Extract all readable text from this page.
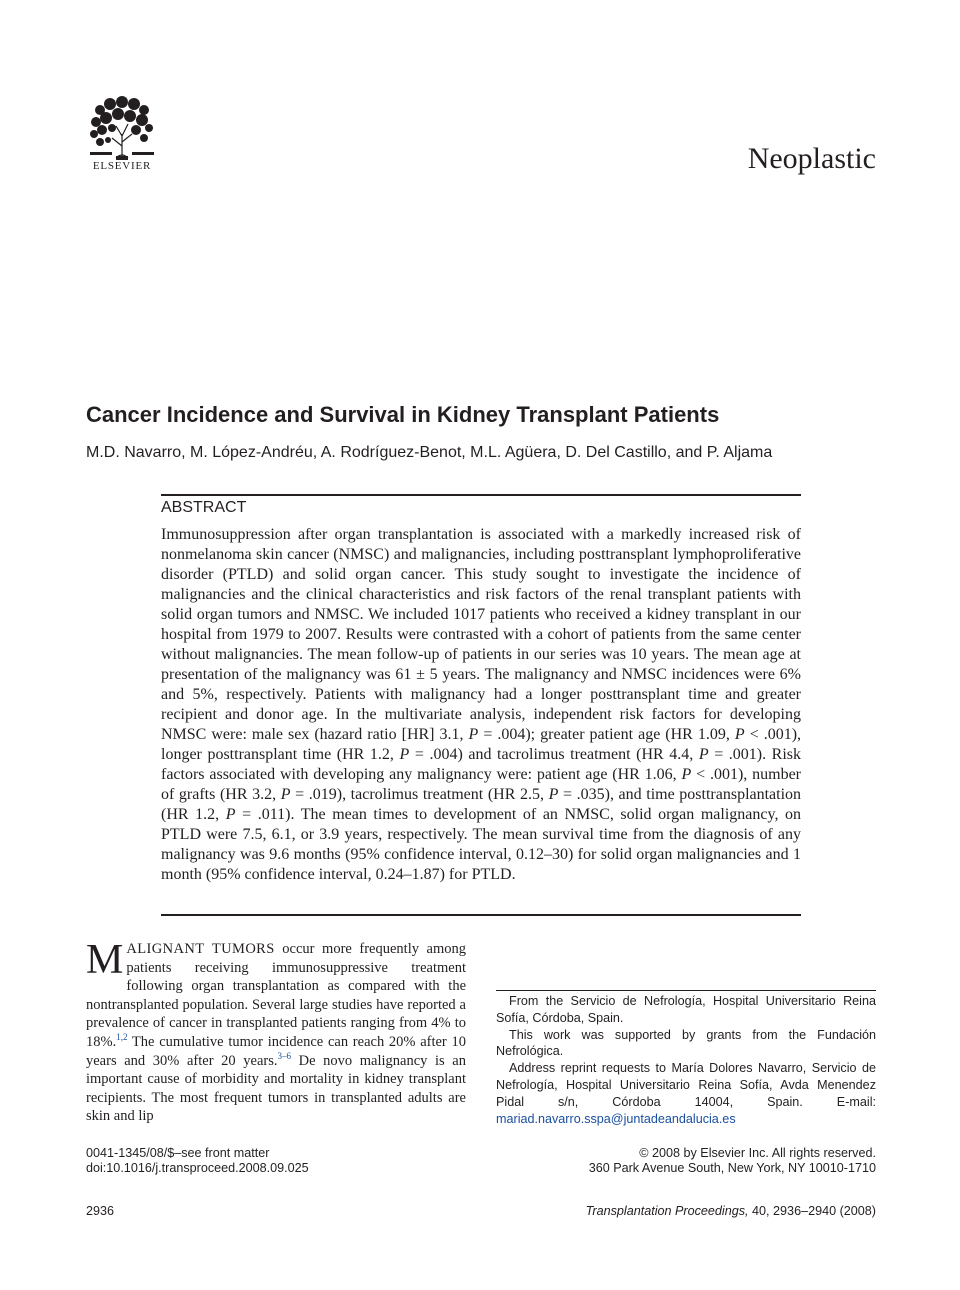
ELSEVIER	Neoplastic
Cancer Incidence and Survival in Kidney Transplant Patients
M.D. Navarro, M. López-Andréu, A. Rodríguez-Benot, M.L. Agüera, D. Del Castillo, and P. Aljama
ABSTRACT
Immunosuppression after organ transplantation is associated with a markedly increased risk of nonmelanoma skin cancer (NMSC) and malignancies, including posttransplant lymphoproliferative disorder (PTLD) and solid organ cancer. This study sought to investigate the incidence of malignancies and the clinical characteristics and risk factors of the renal transplant patients with solid organ tumors and NMSC. We included 1017 patients who received a kidney transplant in our hospital from 1979 to 2007. Results were contrasted with a cohort of patients from the same center without malignancies. The mean follow-up of patients in our series was 10 years. The mean age at presentation of the malignancy was 61 ± 5 years. The malignancy and NMSC incidences were 6% and 5%, respectively. Patients with malignancy had a longer posttransplant time and greater recipient and donor age. In the multivariate analysis, independent risk factors for developing NMSC were: male sex (hazard ratio [HR] 3.1, P = .004); greater patient age (HR 1.09, P < .001), longer posttransplant time (HR 1.2, P = .004) and tacrolimus treatment (HR 4.4, P = .001). Risk factors associated with developing any malignancy were: patient age (HR 1.06, P < .001), number of grafts (HR 3.2, P = .019), tacrolimus treatment (HR 2.5, P = .035), and time posttransplantation (HR 1.2, P = .011). The mean times to development of an NMSC, solid organ malignancy, on PTLD were 7.5, 6.1, or 3.9 years, respectively. The mean survival time from the diagnosis of any malignancy was 9.6 months (95% confidence interval, 0.12–30) for solid organ malignancies and 1 month (95% confidence interval, 0.24–1.87) for PTLD.
MALIGNANT TUMORS occur more frequently among patients receiving immunosuppressive treatment following organ transplantation as compared with the nontransplanted population. Several large studies have reported a prevalence of cancer in transplanted patients ranging from 4% to 18%.$^{1,2}$ The cumulative tumor incidence can reach 20% after 10 years and 30% after 20 years.$^{3-6}$ De novo malignancy is an important cause of morbidity and mortality in kidney transplant recipients. The most frequent tumors in transplanted adults are skin and lip

From the Servicio de Nefrología, Hospital Universitario Reina Sofía, Córdoba, Spain.

This work was supported by grants from the Fundación Nefrológica.

Address reprint requests to María Dolores Navarro, Servicio de Nefrología, Hospital Universitario Reina Sofía, Avda Menendez Pidal s/n, Córdoba 14004, Spain. E-mail: mariad.navarro.sspa@juntadeandalucia.es

0041-1345/08/$–see front matter
doi:10.1016/j.transproceed.2008.09.025
© 2008 by Elsevier Inc. All rights reserved.
360 Park Avenue South, New York, NY 10010-1710
2936	Transplantation Proceedings, 40, 2936–2940 (2008)
